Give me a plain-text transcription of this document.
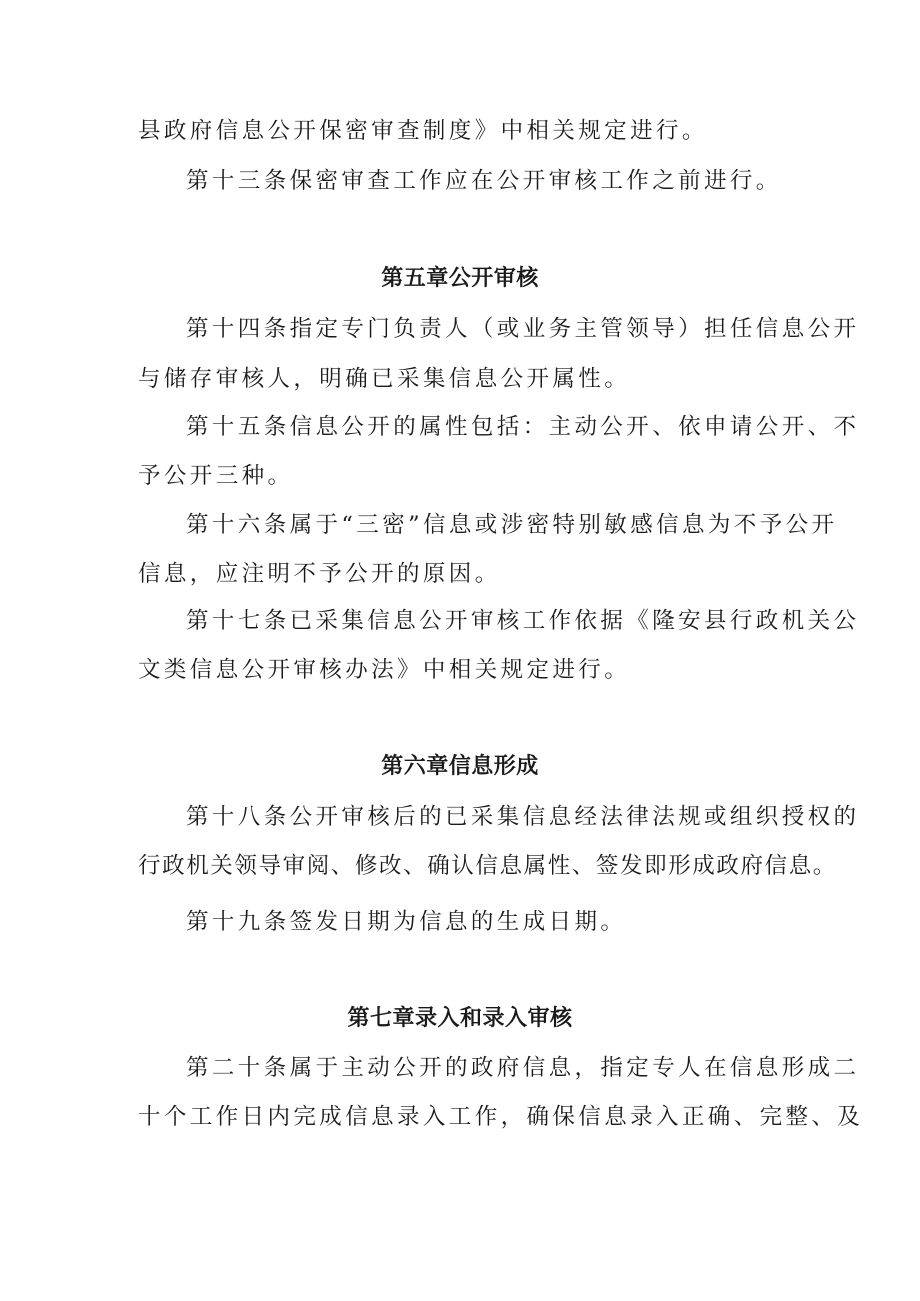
县政府信息公开保密审查制度》中相关规定进行。

第十三条保密审查工作应在公开审核工作之前进行。

第五章公开审核

第十四条指定专门负责人（或业务主管领导）担任信息公开

与储存审核人，明确已采集信息公开属性。

第十五条信息公开的属性包括：主动公开、依申请公开、不

予公开三种。

第十六条属于“三密”信息或涉密特别敏感信息为不予公开

信息，应注明不予公开的原因。

第十七条已采集信息公开审核工作依据《隆安县行政机关公

文类信息公开审核办法》中相关规定进行。

第六章信息形成

第十八条公开审核后的已采集信息经法律法规或组织授权的

行政机关领导审阅、修改、确认信息属性、签发即形成政府信息。

第十九条签发日期为信息的生成日期。

第七章录入和录入审核

第二十条属于主动公开的政府信息，指定专人在信息形成二

十个工作日内完成信息录入工作，确保信息录入正确、完整、及
